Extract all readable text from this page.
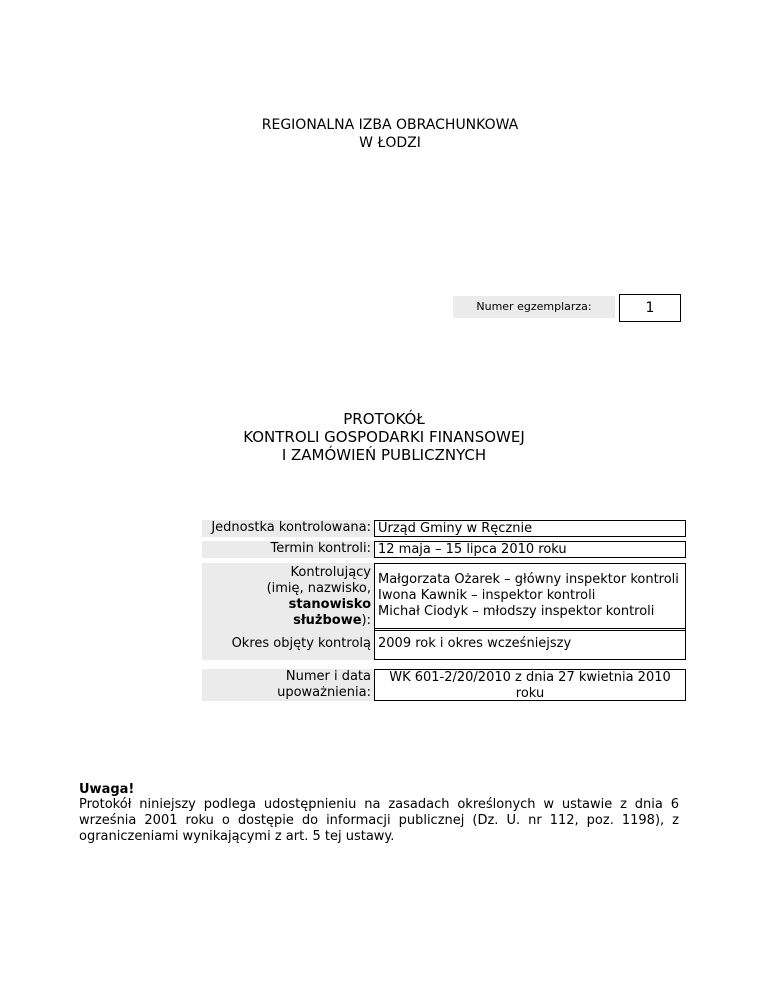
REGIONALNA IZBA OBRACHUNKOWA
W ŁODZI
Numer egzemplarza:	1
PROTOKÓŁ
KONTROLI GOSPODARKI FINANSOWEJ
I ZAMÓWIEŃ PUBLICZNYCH
Jednostka kontrolowana: Urząd Gminy w Ręcznie
Termin kontroli: 12 maja – 15 lipca 2010 roku
Kontrolujący
(imię, nazwisko,
stanowisko
służbowe):
Małgorzata Ożarek – główny inspektor kontroli
Iwona Kawnik – inspektor kontroli
Michał Ciodyk – młodszy inspektor kontroli
Okres objęty kontrolą 2009 rok i okres wcześniejszy
Numer i data
upoważnienia:
WK 601-2/20/2010 z dnia 27 kwietnia 2010
roku
Uwaga!
Protokół niniejszy podlega udostępnieniu na zasadach określonych w ustawie z dnia 6 września 2001 roku o dostępie do informacji publicznej (Dz. U. nr 112, poz. 1198), z ograniczeniami wynikającymi z art. 5 tej ustawy.
